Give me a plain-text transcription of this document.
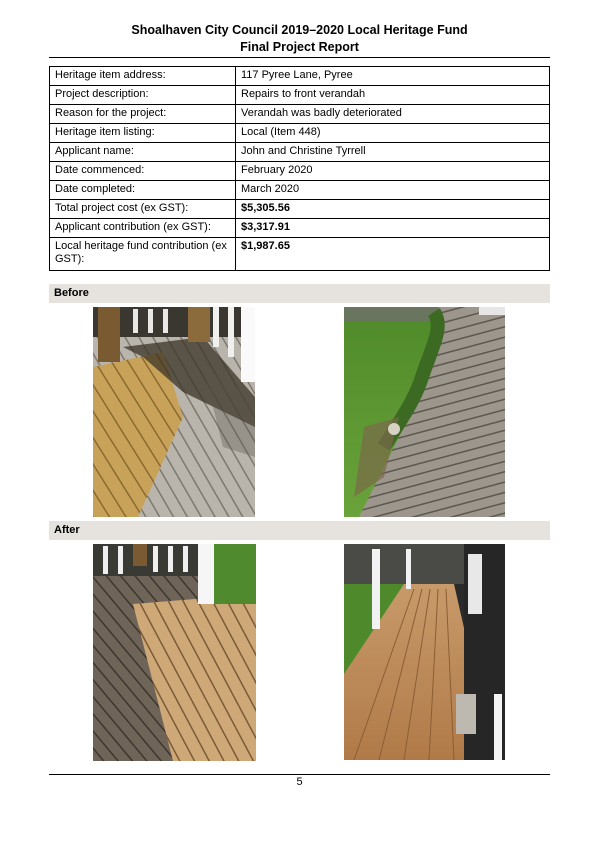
Shoalhaven City Council 2019–2020 Local Heritage Fund
Final Project Report
Heritage item address:	117 Pyree Lane, Pyree
Project description:	Repairs to front verandah
Reason for the project:	Verandah was badly deteriorated
Heritage item listing:	Local (Item 448)
Applicant name:	John and Christine Tyrrell
Date commenced:	February 2020
Date completed:	March 2020
Total project cost (ex GST):	$5,305.56
Applicant contribution (ex GST):	$3,317.91
Local heritage fund contribution (ex GST):	$1,987.65
Before
After
5
